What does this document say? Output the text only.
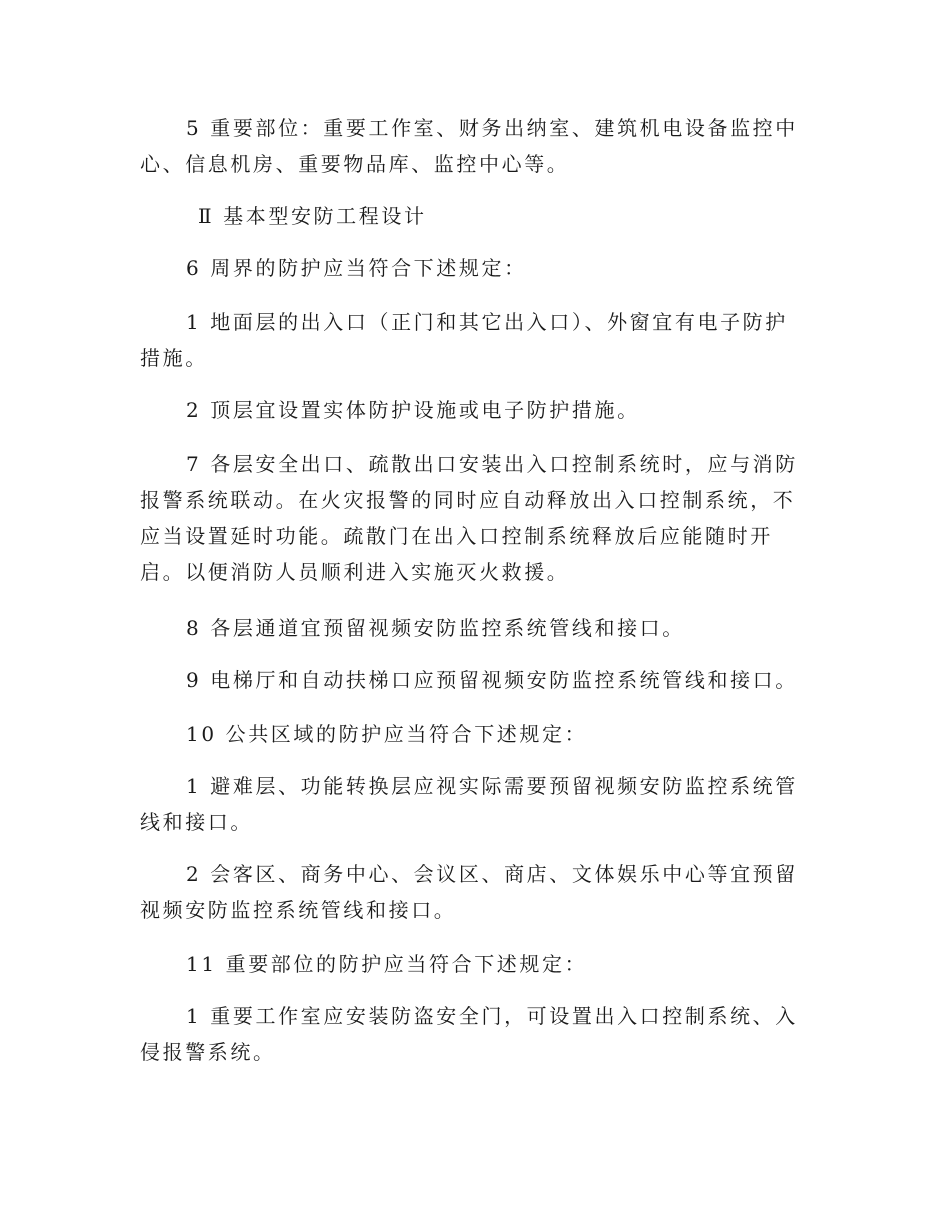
5 重要部位：重要工作室、财务出纳室、建筑机电设备监控中心、信息机房、重要物品库、监控中心等。

Ⅱ 基本型安防工程设计

6 周界的防护应当符合下述规定：

1 地面层的出入口（正门和其它出入口）、外窗宜有电子防护措施。

2 顶层宜设置实体防护设施或电子防护措施。

7 各层安全出口、疏散出口安装出入口控制系统时，应与消防报警系统联动。在火灾报警的同时应自动释放出入口控制系统，不应当设置延时功能。疏散门在出入口控制系统释放后应能随时开启。以便消防人员顺利进入实施灭火救援。

8 各层通道宜预留视频安防监控系统管线和接口。

9 电梯厅和自动扶梯口应预留视频安防监控系统管线和接口。

10 公共区域的防护应当符合下述规定：

1 避难层、功能转换层应视实际需要预留视频安防监控系统管线和接口。

2 会客区、商务中心、会议区、商店、文体娱乐中心等宜预留视频安防监控系统管线和接口。

11 重要部位的防护应当符合下述规定：

1 重要工作室应安装防盗安全门，可设置出入口控制系统、入侵报警系统。
